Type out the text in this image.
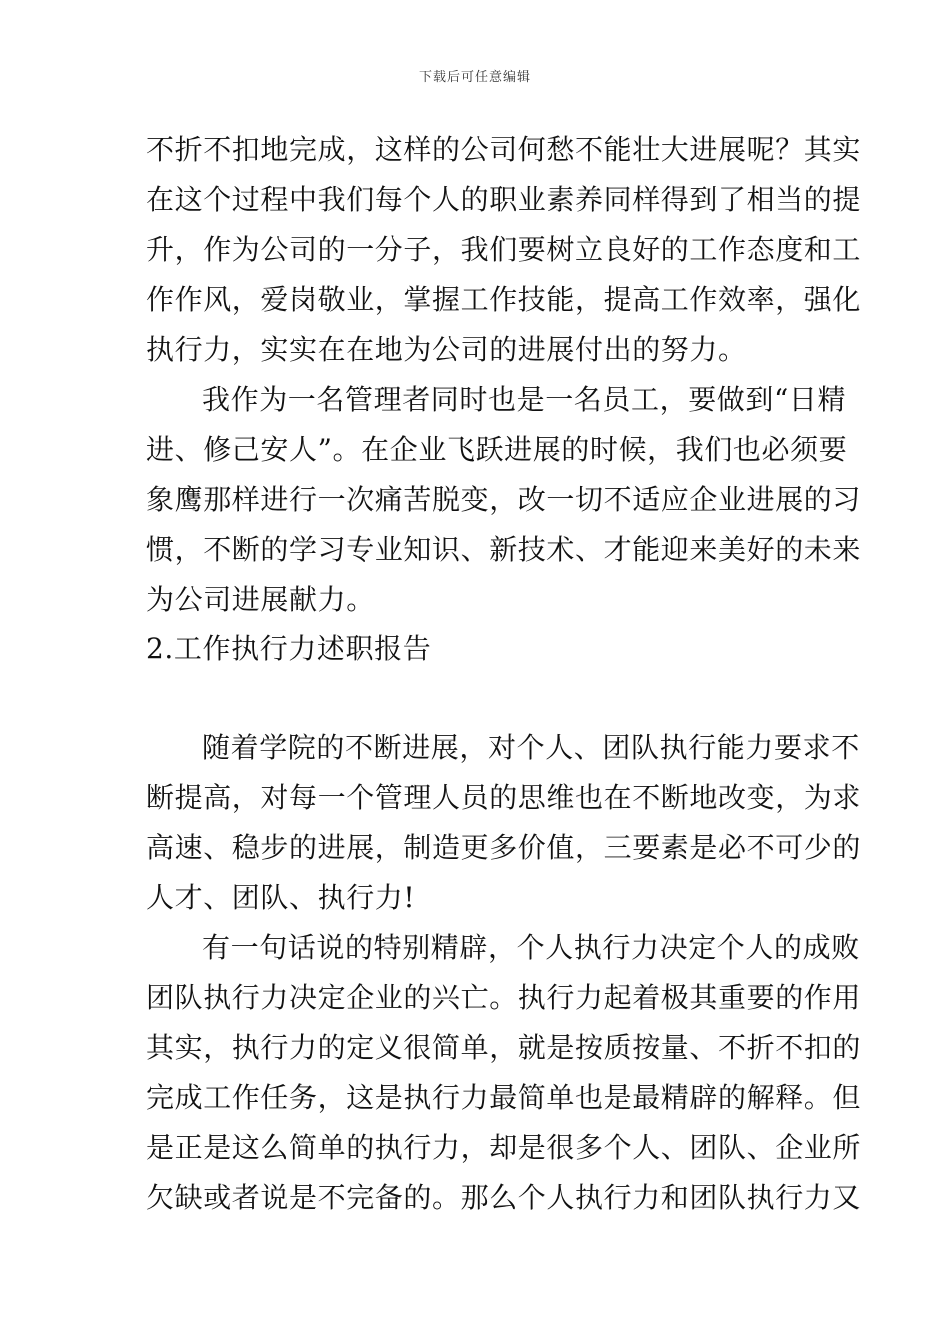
下载后可任意编辑
不折不扣地完成，这样的公司何愁不能壮大进展呢？其实
在这个过程中我们每个人的职业素养同样得到了相当的提
升，作为公司的一分子，我们要树立良好的工作态度和工
作作风，爱岗敬业，掌握工作技能，提高工作效率，强化
执行力，实实在在地为公司的进展付出的努力。
我作为一名管理者同时也是一名员工，要做到“日精
进、修己安人”。在企业飞跃进展的时候，我们也必须要
象鹰那样进行一次痛苦脱变，改一切不适应企业进展的习
惯，不断的学习专业知识、新技术、才能迎来美好的未来
为公司进展献力。
2.工作执行力述职报告
随着学院的不断进展，对个人、团队执行能力要求不
断提高，对每一个管理人员的思维也在不断地改变，为求
高速、稳步的进展，制造更多价值，三要素是必不可少的
人才、团队、执行力!
有一句话说的特别精辟，个人执行力决定个人的成败
团队执行力决定企业的兴亡。执行力起着极其重要的作用
其实，执行力的定义很简单，就是按质按量、不折不扣的
完成工作任务，这是执行力最简单也是最精辟的解释。但
是正是这么简单的执行力，却是很多个人、团队、企业所
欠缺或者说是不完备的。那么个人执行力和团队执行力又
